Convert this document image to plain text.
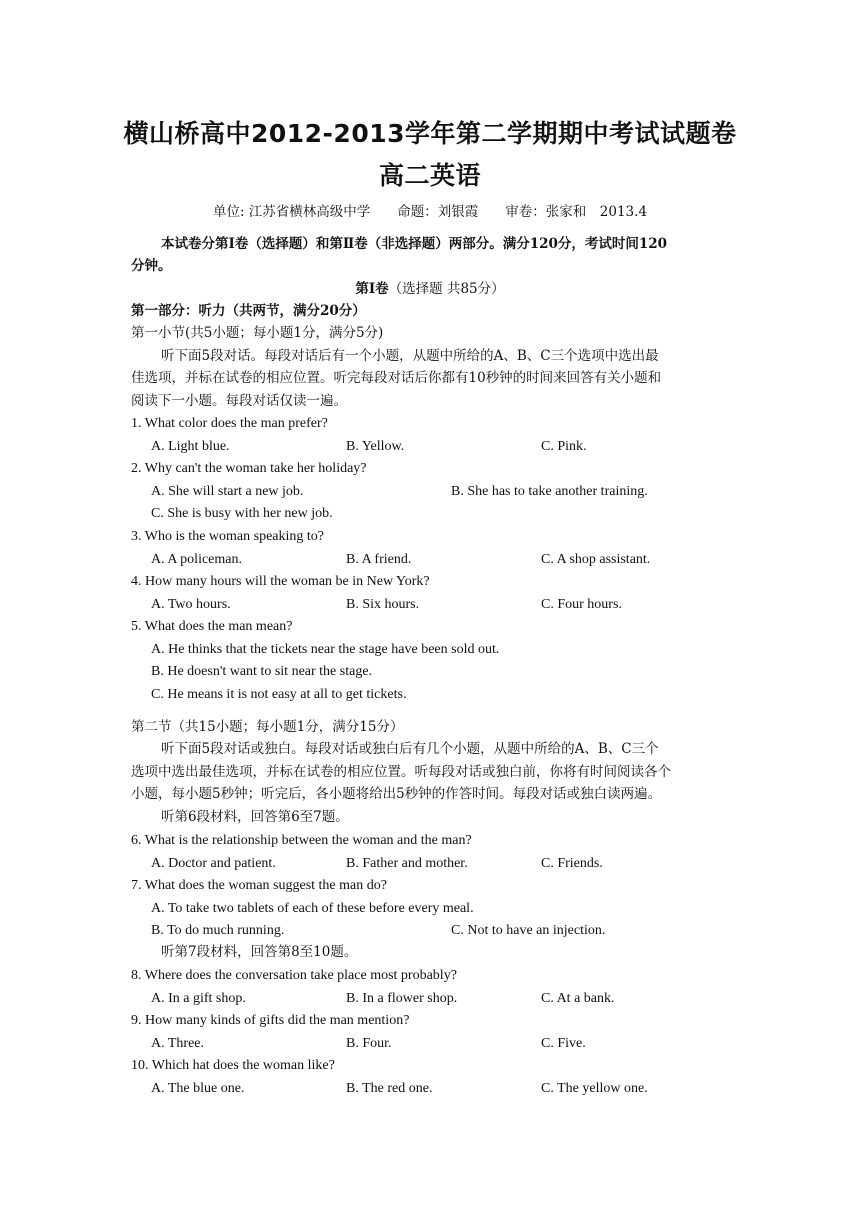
横山桥高中2012-2013学年第二学期期中考试试题卷
高二英语
单位: 江苏省横林高级中学　　命题：刘银霞　　审卷：张家和　2013.4
本试卷分第Ⅰ卷（选择题）和第Ⅱ卷（非选择题）两部分。满分120分，考试时间120
分钟。
第Ⅰ卷（选择题 共85分）
第一部分：听力（共两节，满分20分）
第一小节(共5小题；每小题1分，满分5分)
听下面5段对话。每段对话后有一个小题，从题中所给的A、B、C三个选项中选出最
佳选项，并标在试卷的相应位置。听完每段对话后你都有10秒钟的时间来回答有关小题和
阅读下一小题。每段对话仅读一遍。
1. What color does the man prefer?
A. Light blue.	B. Yellow.	C. Pink.
2. Why can't the woman take her holiday?
A. She will start a new job.	B. She has to take another training.
C. She is busy with her new job.
3. Who is the woman speaking to?
A. A policeman.	B. A friend.	C. A shop assistant.
4. How many hours will the woman be in New York?
A. Two hours.	B. Six hours.	C. Four hours.
5. What does the man mean?
A. He thinks that the tickets near the stage have been sold out.
B. He doesn't want to sit near the stage.
C. He means it is not easy at all to get tickets.
第二节（共15小题；每小题1分，满分15分）
听下面5段对话或独白。每段对话或独白后有几个小题，从题中所给的A、B、C三个
选项中选出最佳选项，并标在试卷的相应位置。听每段对话或独白前，你将有时间阅读各个
小题，每小题5秒钟；听完后，各小题将给出5秒钟的作答时间。每段对话或独白读两遍。
听第6段材料，回答第6至7题。
6. What is the relationship between the woman and the man?
A. Doctor and patient.	B. Father and mother.	C. Friends.
7. What does the woman suggest the man do?
A. To take two tablets of each of these before every meal.
B. To do much running.	C. Not to have an injection.
听第7段材料，回答第8至10题。
8. Where does the conversation take place most probably?
A. In a gift shop.	B. In a flower shop.	C. At a bank.
9. How many kinds of gifts did the man mention?
A. Three.	B. Four.	C. Five.
10. Which hat does the woman like?
A. The blue one.	B. The red one.	C. The yellow one.
